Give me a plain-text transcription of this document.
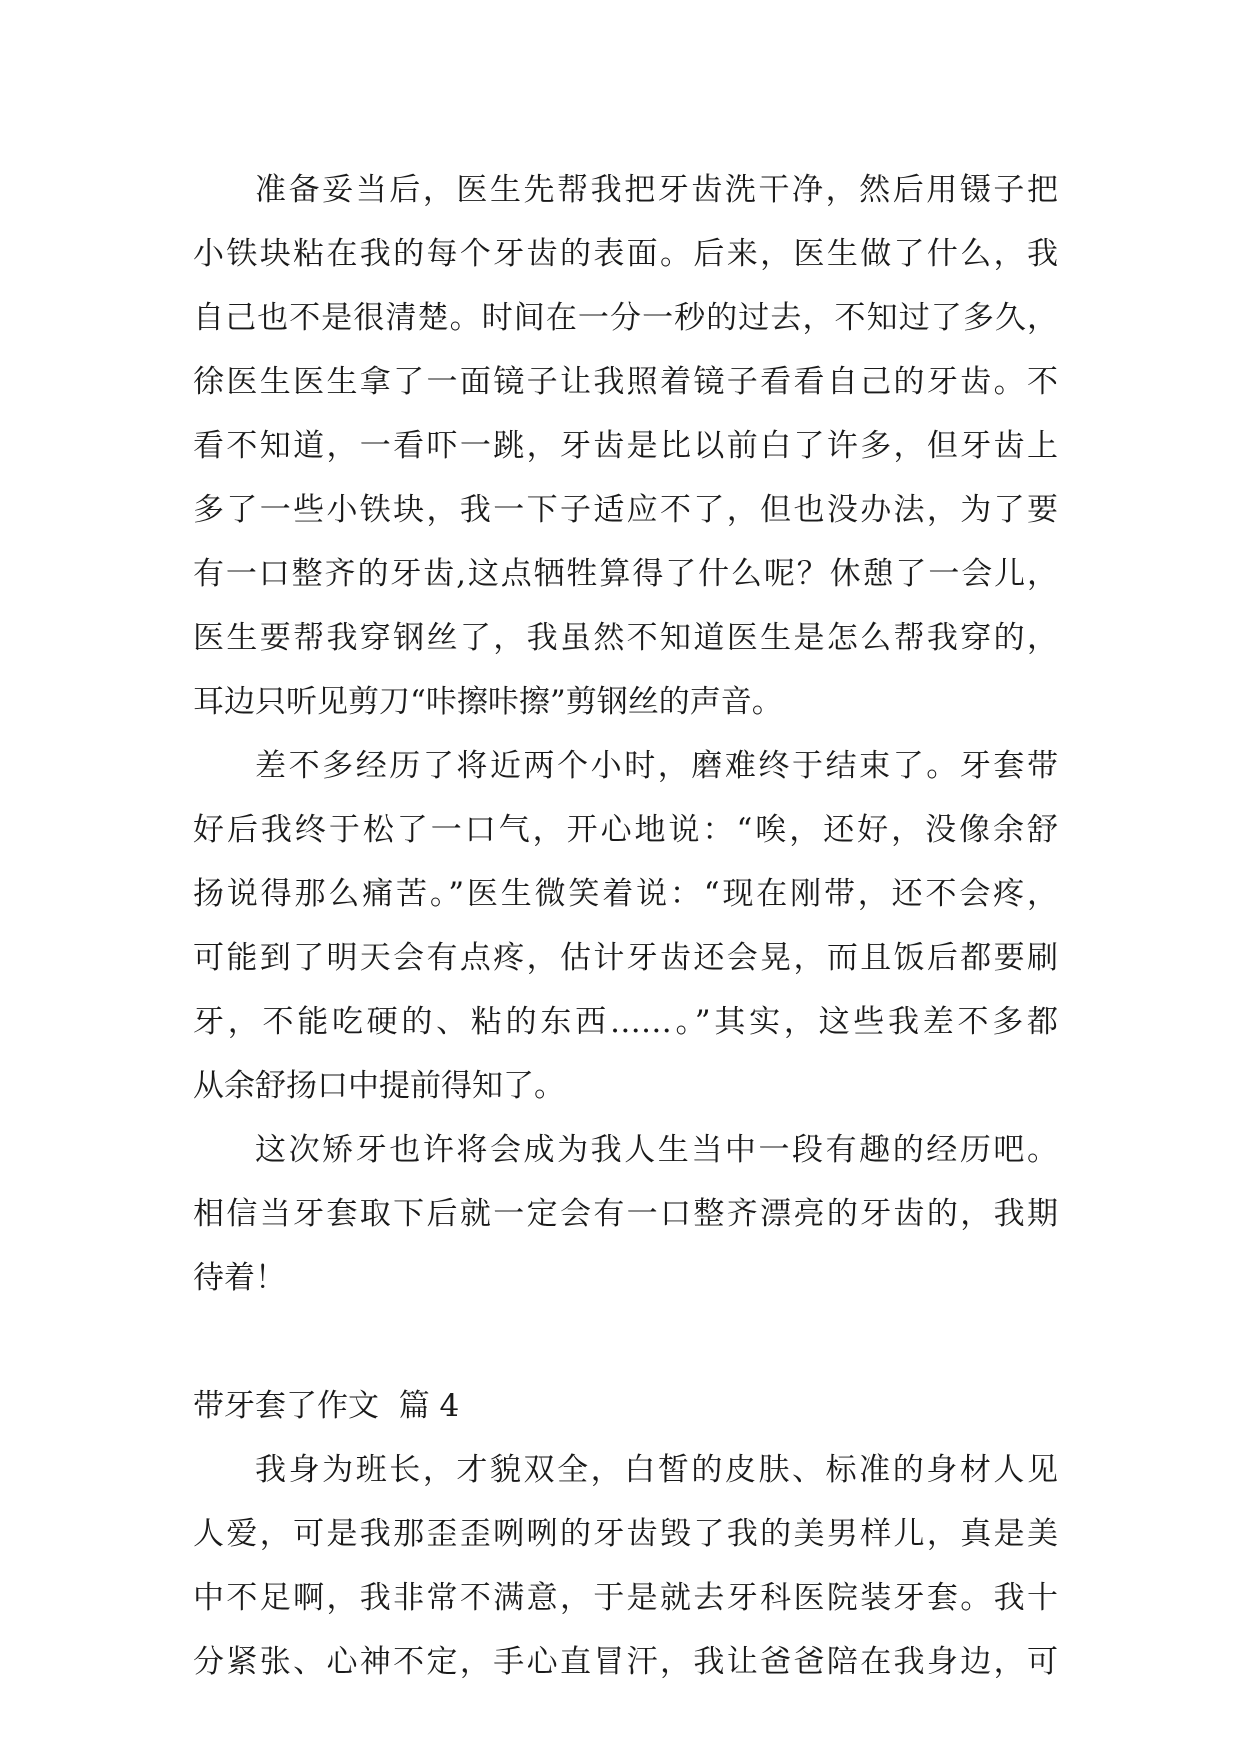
准备妥当后，医生先帮我把牙齿洗干净，然后用镊子把
小铁块粘在我的每个牙齿的表面。后来，医生做了什么，我
自己也不是很清楚。时间在一分一秒的过去，不知过了多久，
徐医生医生拿了一面镜子让我照着镜子看看自己的牙齿。不
看不知道，一看吓一跳，牙齿是比以前白了许多，但牙齿上
多了一些小铁块，我一下子适应不了，但也没办法，为了要
有一口整齐的牙齿,这点牺牲算得了什么呢？休憩了一会儿，
医生要帮我穿钢丝了，我虽然不知道医生是怎么帮我穿的，
耳边只听见剪刀“咔擦咔擦”剪钢丝的声音。
差不多经历了将近两个小时，磨难终于结束了。牙套带
好后我终于松了一口气，开心地说：“唉，还好，没像余舒
扬说得那么痛苦。”医生微笑着说：“现在刚带，还不会疼，
可能到了明天会有点疼，估计牙齿还会晃，而且饭后都要刷
牙，不能吃硬的、粘的东西……。”其实，这些我差不多都
从余舒扬口中提前得知了。
这次矫牙也许将会成为我人生当中一段有趣的经历吧。
相信当牙套取下后就一定会有一口整齐漂亮的牙齿的，我期
待着！
带牙套了作文  篇 4
我身为班长，才貌双全，白皙的皮肤、标准的身材人见
人爱，可是我那歪歪咧咧的牙齿毁了我的美男样儿，真是美
中不足啊，我非常不满意，于是就去牙科医院装牙套。我十
分紧张、心神不定，手心直冒汗，我让爸爸陪在我身边，可
